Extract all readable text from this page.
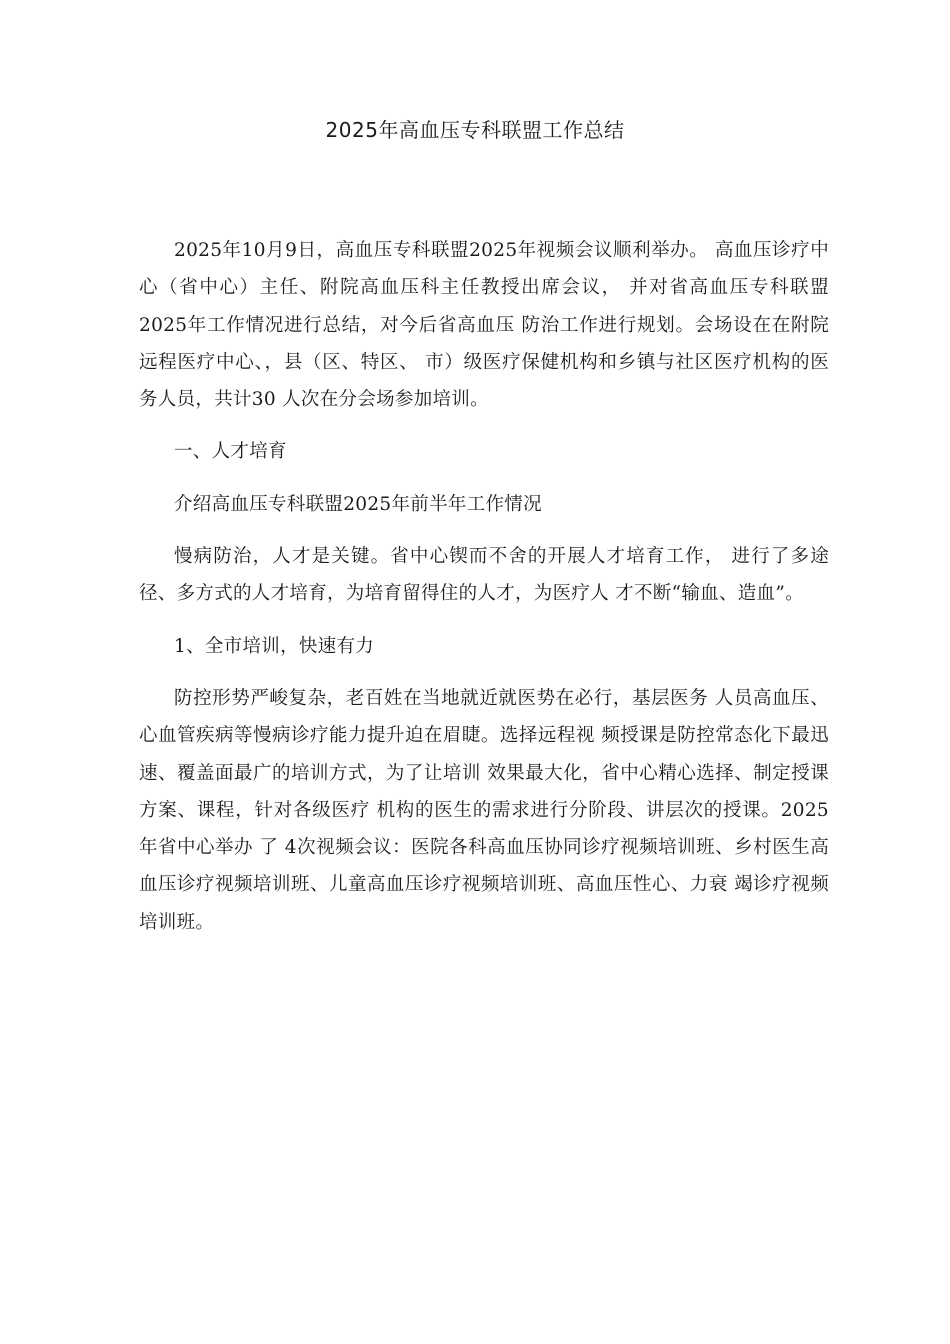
2025年高血压专科联盟工作总结

2025年10月9日，高血压专科联盟2025年视频会议顺利举办。 高血压诊疗中心（省中心）主任、附院高血压科主任教授出席会议， 并对省高血压专科联盟2025年工作情况进行总结，对今后省高血压 防治工作进行规划。会场设在在附院远程医疗中心、，县（区、特区、 市）级医疗保健机构和乡镇与社区医疗机构的医务人员，共计30 人次在分会场参加培训。

一、人才培育

介绍高血压专科联盟2025年前半年工作情况

慢病防治，人才是关键。省中心锲而不舍的开展人才培育工作， 进行了多途径、多方式的人才培育，为培育留得住的人才，为医疗人 才不断“输血、造血”。

1、全市培训，快速有力

防控形势严峻复杂，老百姓在当地就近就医势在必行，基层医务 人员高血压、心血管疾病等慢病诊疗能力提升迫在眉睫。选择远程视 频授课是防控常态化下最迅速、覆盖面最广的培训方式，为了让培训 效果最大化，省中心精心选择、制定授课方案、课程，针对各级医疗 机构的医生的需求进行分阶段、讲层次的授课。2025年省中心举办 了 4次视频会议：医院各科高血压协同诊疗视频培训班、乡村医生高 血压诊疗视频培训班、儿童高血压诊疗视频培训班、高血压性心、力衰 竭诊疗视频培训班。
